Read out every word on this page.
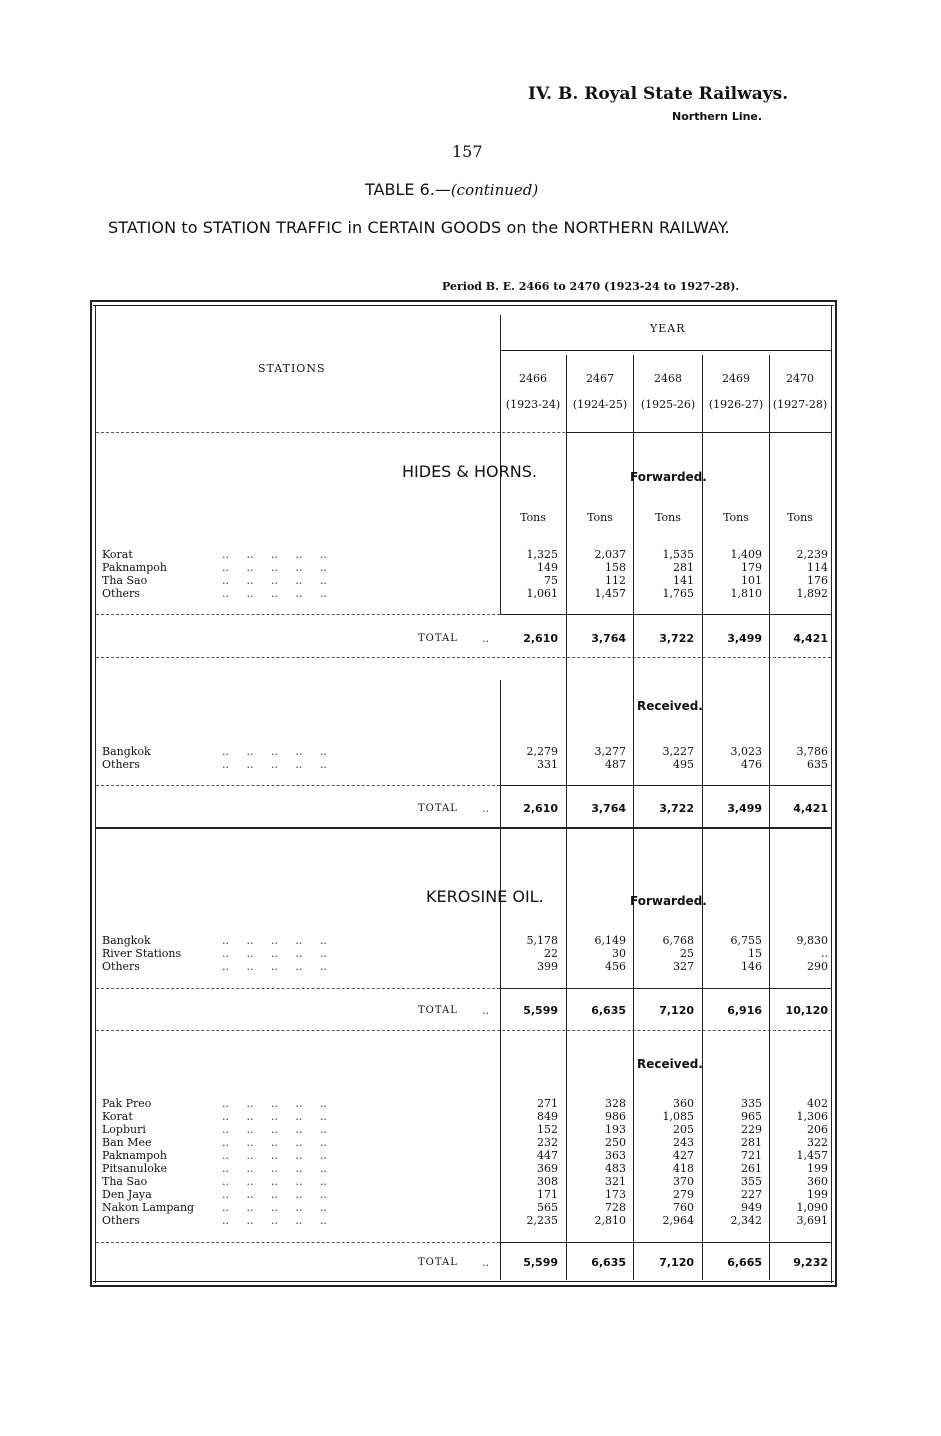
IV. B. Royal State Railways.
Northern Line.
157
TABLE 6.—(continued)
STATION to STATION TRAFFIC in CERTAIN GOODS on the NORTHERN RAILWAY.
Period B. E. 2466 to 2470 (1923-24 to 1927-28).
STATIONS
YEAR
2466
(1923-24)
2467
(1924-25)
2468
(1925-26)
2469
(1926-27)
2470
(1927-28)
HIDES & HORNS.	Forwarded.
Tons	Tons	Tons	Tons	Tons
Korat	..     ..     ..     ..     ..	1,325	2,037	1,535	1,409	2,239
Paknampoh	..     ..     ..     ..     ..	149	158	281	179	114
Tha Sao	..     ..     ..     ..     ..	75	112	141	101	176
Others	..     ..     ..     ..     ..	1,061	1,457	1,765	1,810	1,892
TOTAL ..	2,610	3,764	3,722	3,499	4,421
Received.
Bangkok	..     ..     ..     ..     ..	2,279	3,277	3,227	3,023	3,786
Others	..     ..     ..     ..     ..	331	487	495	476	635
TOTAL ..	2,610	3,764	3,722	3,499	4,421
KEROSINE OIL.	Forwarded.
Bangkok	..     ..     ..     ..     ..	5,178	6,149	6,768	6,755	9,830
River Stations	..     ..     ..     ..     ..	22	30	25	15	..
Others	..     ..     ..     ..     ..	399	456	327	146	290
TOTAL ..	5,599	6,635	7,120	6,916 10,120
Received.
Pak Preo	..     ..     ..     ..     ..	271	328	360	335	402
Korat	..     ..     ..     ..     ..	849	986	1,085	965	1,306
Lopburi	..     ..     ..     ..     ..	152	193	205	229	206
Ban Mee	..     ..     ..     ..     ..	232	250	243	281	322
Paknampoh	..     ..     ..     ..     ..	447	363	427	721	1,457
Pitsanuloke	..     ..     ..     ..     ..	369	483	418	261	199
Tha Sao	..     ..     ..     ..     ..	308	321	370	355	360
Den Jaya	..     ..     ..     ..     ..	171	173	279	227	199
Nakon Lampang	..     ..     ..     ..     ..	565	728	760	949	1,090
Others	..     ..     ..     ..     ..	2,235	2,810	2,964	2,342	3,691
TOTAL ..	5,599	6,635	7,120	6,665	9,232
